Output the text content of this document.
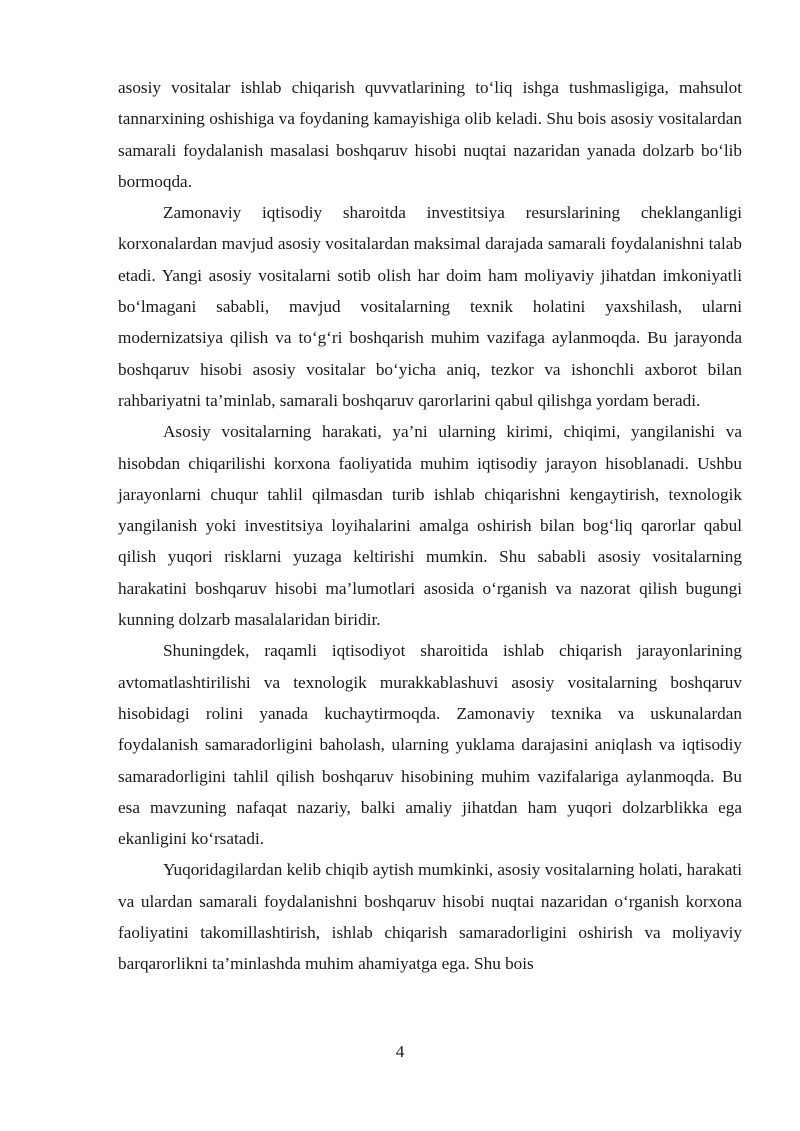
asosiy vositalar ishlab chiqarish quvvatlarining to‘liq ishga tushmasligiga, mahsulot tannarxining oshishiga va foydaning kamayishiga olib keladi. Shu bois asosiy vositalardan samarali foydalanish masalasi boshqaruv hisobi nuqtai nazaridan yanada dolzarb bo‘lib bormoqda.

Zamonaviy iqtisodiy sharoitda investitsiya resurslarining cheklanganligi korxonalardan mavjud asosiy vositalardan maksimal darajada samarali foydalanishni talab etadi. Yangi asosiy vositalarni sotib olish har doim ham moliyaviy jihatdan imkoniyatli bo‘lmagani sababli, mavjud vositalarning texnik holatini yaxshilash, ularni modernizatsiya qilish va to‘g‘ri boshqarish muhim vazifaga aylanmoqda. Bu jarayonda boshqaruv hisobi asosiy vositalar bo‘yicha aniq, tezkor va ishonchli axborot bilan rahbariyatni ta’minlab, samarali boshqaruv qarorlarini qabul qilishga yordam beradi.

Asosiy vositalarning harakati, ya’ni ularning kirimi, chiqimi, yangilanishi va hisobdan chiqarilishi korxona faoliyatida muhim iqtisodiy jarayon hisoblanadi. Ushbu jarayonlarni chuqur tahlil qilmasdan turib ishlab chiqarishni kengaytirish, texnologik yangilanish yoki investitsiya loyihalarini amalga oshirish bilan bog‘liq qarorlar qabul qilish yuqori risklarni yuzaga keltirishi mumkin. Shu sababli asosiy vositalarning harakatini boshqaruv hisobi ma’lumotlari asosida o‘rganish va nazorat qilish bugungi kunning dolzarb masalalaridan biridir.

Shuningdek, raqamli iqtisodiyot sharoitida ishlab chiqarish jarayonlarining avtomatlashtirilishi va texnologik murakkablashuvi asosiy vositalarning boshqaruv hisobidagi rolini yanada kuchaytirmoqda. Zamonaviy texnika va uskunalardan foydalanish samaradorligini baholash, ularning yuklama darajasini aniqlash va iqtisodiy samaradorligini tahlil qilish boshqaruv hisobining muhim vazifalariga aylanmoqda. Bu esa mavzuning nafaqat nazariy, balki amaliy jihatdan ham yuqori dolzarblikka ega ekanligini ko‘rsatadi.

Yuqoridagilardan kelib chiqib aytish mumkinki, asosiy vositalarning holati, harakati va ulardan samarali foydalanishni boshqaruv hisobi nuqtai nazaridan o‘rganish korxona faoliyatini takomillashtirish, ishlab chiqarish samaradorligini oshirish va moliyaviy barqarorlikni ta’minlashda muhim ahamiyatga ega. Shu bois

4
